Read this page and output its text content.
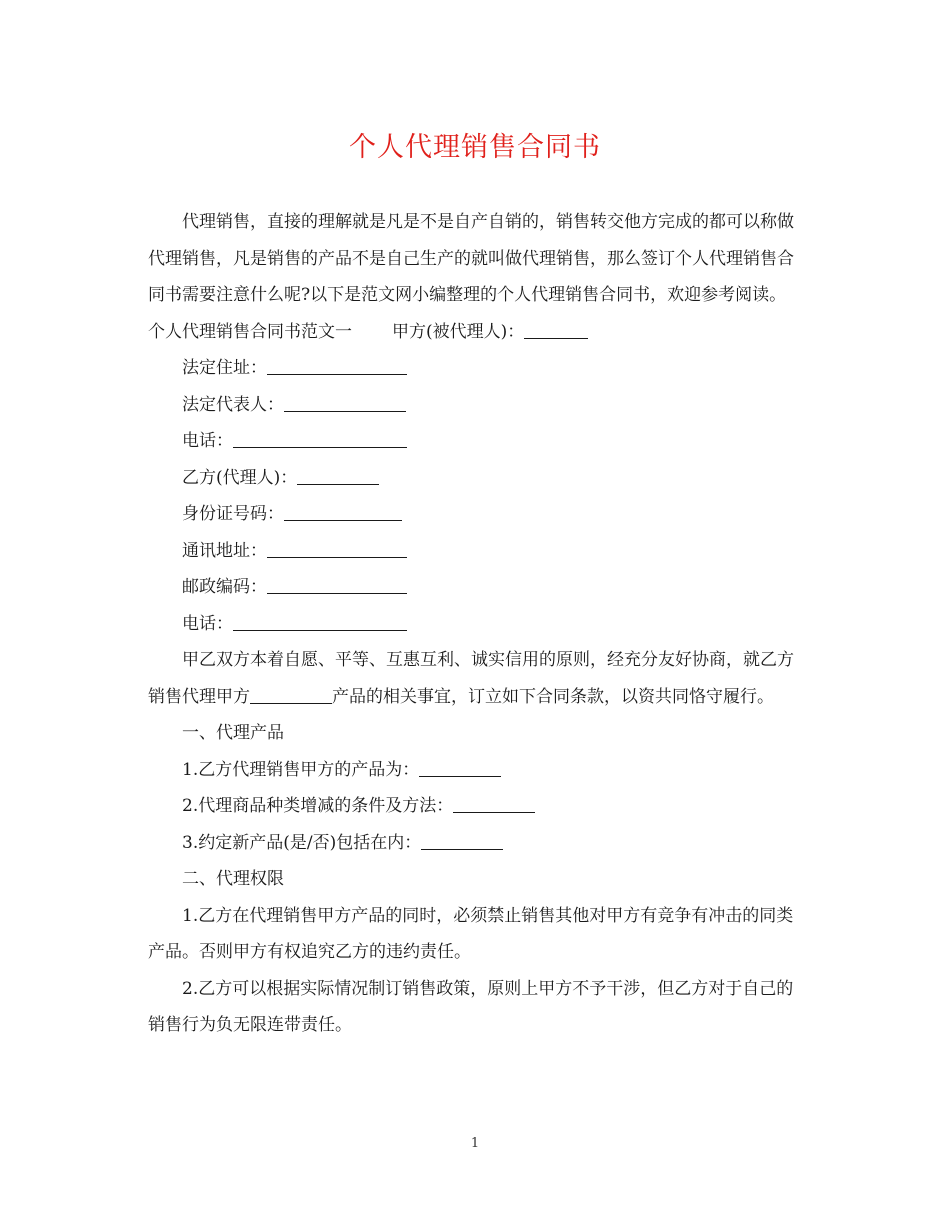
个人代理销售合同书

代理销售，直接的理解就是凡是不是自产自销的，销售转交他方完成的都可以称做代理销售，凡是销售的产品不是自己生产的就叫做代理销售，那么签订个人代理销售合同书需要注意什么呢?以下是范文网小编整理的个人代理销售合同书，欢迎参考阅读。

个人代理销售合同书范文一 甲方(被代理人)：

法定住址：

法定代表人：

电话：

乙方(代理人)：

身份证号码：

通讯地址：

邮政编码：

电话：

甲乙双方本着自愿、平等、互惠互利、诚实信用的原则，经充分友好协商，就乙方销售代理甲方	产品的相关事宜，订立如下合同条款，以资共同恪守履行。

一、代理产品

1.乙方代理销售甲方的产品为：

2.代理商品种类增减的条件及方法：

3.约定新产品(是/否)包括在内：

二、代理权限

1.乙方在代理销售甲方产品的同时，必须禁止销售其他对甲方有竞争有冲击的同类产品。否则甲方有权追究乙方的违约责任。

2.乙方可以根据实际情况制订销售政策，原则上甲方不予干涉，但乙方对于自己的销售行为负无限连带责任。

1
